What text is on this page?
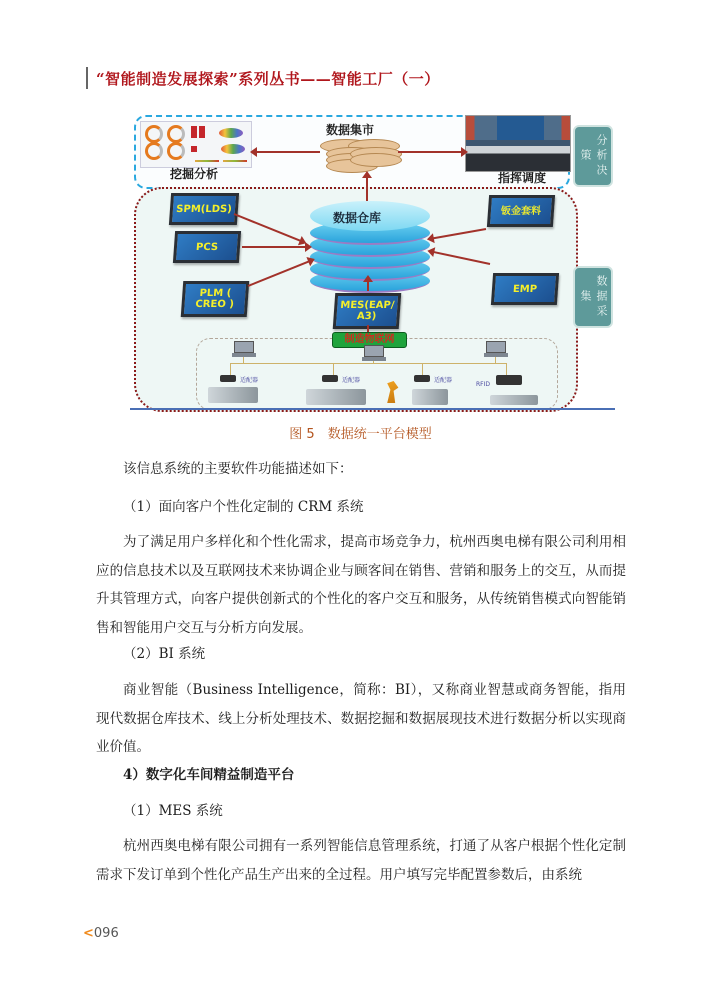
“智能制造发展探索”系列丛书——智能工厂（一）
分析决策
数据采集
挖掘分析
数据集市
指挥调度
数据仓库
SPM(LDS)
PCS
PLM ( CREO )	MES(EAP/ A3)
钣金套料
EMP
制造物联网
适配器	适配器	适配器
RFID
图 5　数据统一平台模型
该信息系统的主要软件功能描述如下：
（1）面向客户个性化定制的 CRM 系统
为了满足用户多样化和个性化需求，提高市场竞争力，杭州西奥电梯有限公司利用相应的信息技术以及互联网技术来协调企业与顾客间在销售、营销和服务上的交互，从而提升其管理方式，向客户提供创新式的个性化的客户交互和服务，从传统销售模式向智能销售和智能用户交互与分析方向发展。
（2）BI 系统
商业智能（Business Intelligence，简称：BI），又称商业智慧或商务智能，指用现代数据仓库技术、线上分析处理技术、数据挖掘和数据展现技术进行数据分析以实现商业价值。
4）数字化车间精益制造平台
（1）MES 系统
杭州西奥电梯有限公司拥有一系列智能信息管理系统，打通了从客户根据个性化定制需求下发订单到个性化产品生产出来的全过程。用户填写完毕配置参数后，由系统
<096
